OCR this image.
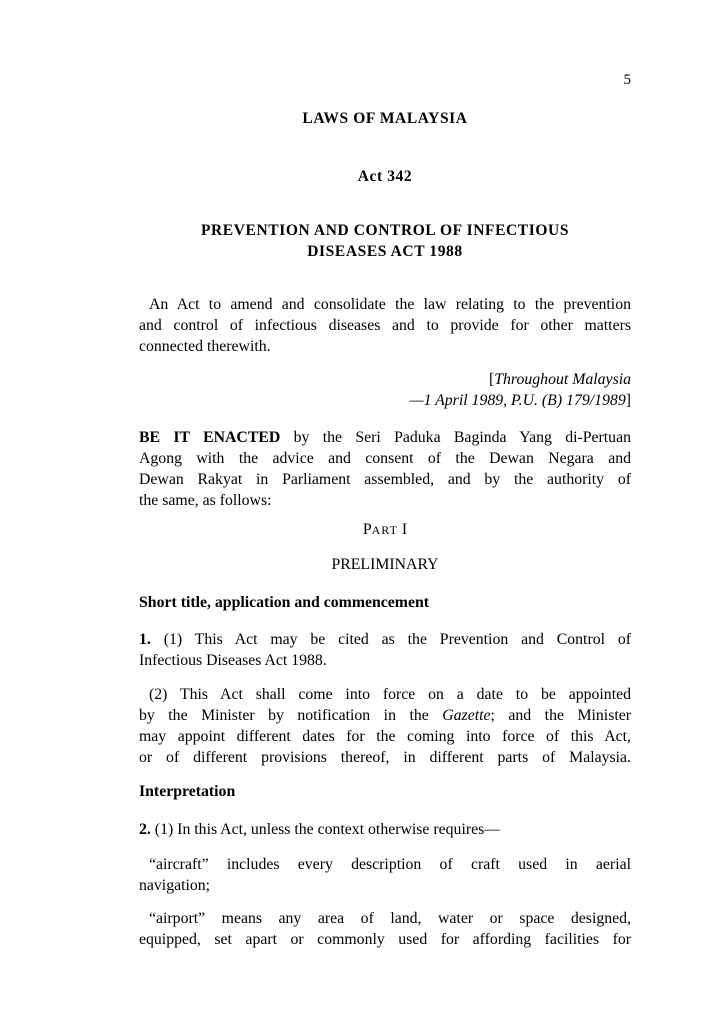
5
LAWS OF MALAYSIA
Act 342
PREVENTION AND CONTROL OF INFECTIOUS
DISEASES ACT 1988
An Act to amend and consolidate the law relating to the prevention
and control of infectious diseases and to provide for other matters
connected therewith.
[Throughout Malaysia
—1 April 1989, P.U. (B) 179/1989]
BE IT ENACTED by the Seri Paduka Baginda Yang di-Pertuan
Agong with the advice and consent of the Dewan Negara and
Dewan Rakyat in Parliament assembled, and by the authority of
the same, as follows:
PART I
PRELIMINARY
Short title, application and commencement
1. (1) This Act may be cited as the Prevention and Control of
Infectious Diseases Act 1988.
(2) This Act shall come into force on a date to be appointed
by the Minister by notification in the Gazette; and the Minister
may appoint different dates for the coming into force of this Act,
or of different provisions thereof, in different parts of Malaysia.
Interpretation
2. (1) In this Act, unless the context otherwise requires—
“aircraft” includes every description of craft used in aerial
navigation;
“airport” means any area of land, water or space designed,
equipped, set apart or commonly used for affording facilities for
